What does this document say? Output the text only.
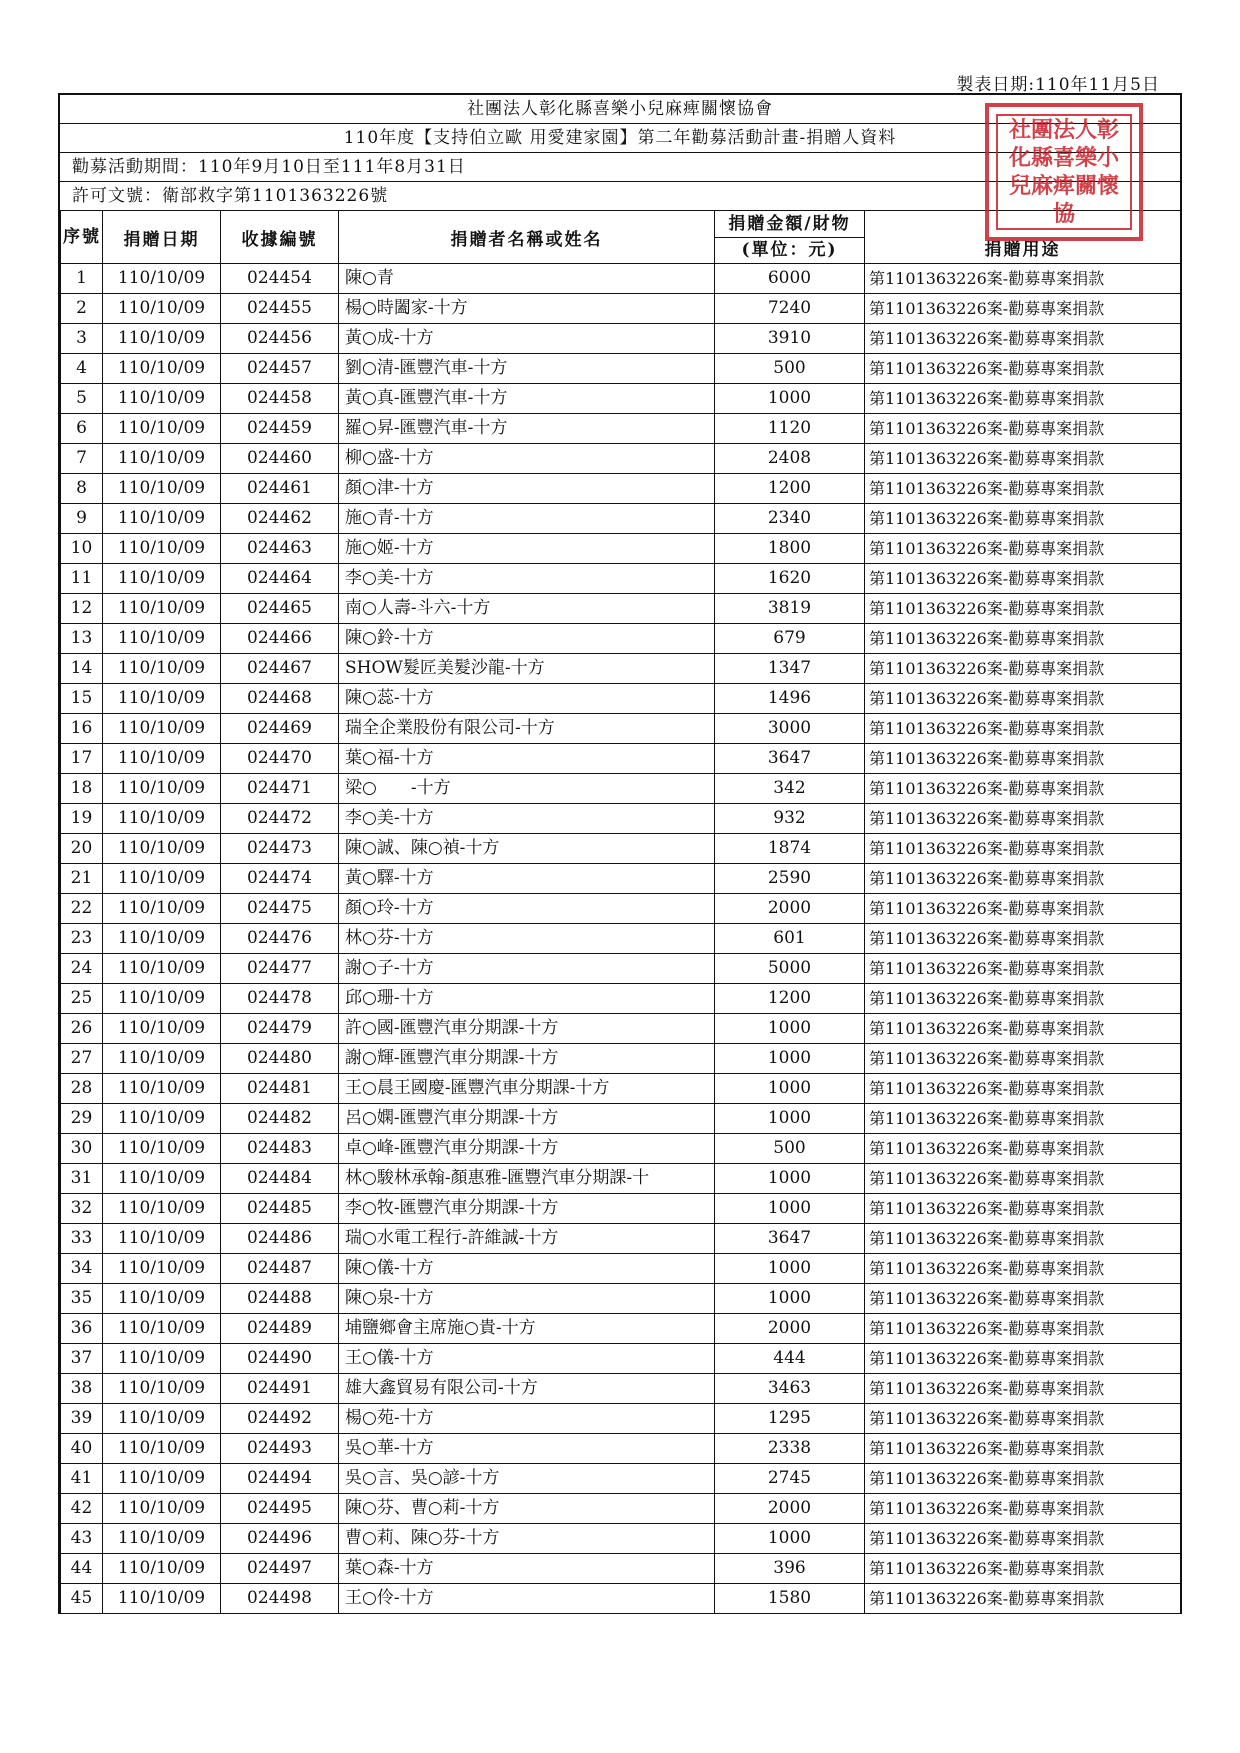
製表日期:110年11月5日
社團法人彰化縣喜樂小兒麻痺關懷協會
110年度【支持伯立歐 用愛建家園】第二年勸募活動計畫-捐贈人資料
勸募活動期間：110年9月10日至111年8月31日
許可文號：衛部救字第1101363226號
序號	捐贈日期	收據編號	捐贈者名稱或姓名	捐贈金額/財物	捐贈用途
				(單位：元)	
1	110/10/09	024454	陳○青	6000	第1101363226案-勸募專案捐款
2	110/10/09	024455	楊○時闔家-十方	7240	第1101363226案-勸募專案捐款
3	110/10/09	024456	黃○成-十方	3910	第1101363226案-勸募專案捐款
4	110/10/09	024457	劉○清-匯豐汽車-十方	500	第1101363226案-勸募專案捐款
5	110/10/09	024458	黃○真-匯豐汽車-十方	1000	第1101363226案-勸募專案捐款
6	110/10/09	024459	羅○昇-匯豐汽車-十方	1120	第1101363226案-勸募專案捐款
7	110/10/09	024460	柳○盛-十方	2408	第1101363226案-勸募專案捐款
8	110/10/09	024461	顏○津-十方	1200	第1101363226案-勸募專案捐款
9	110/10/09	024462	施○青-十方	2340	第1101363226案-勸募專案捐款
10	110/10/09	024463	施○姬-十方	1800	第1101363226案-勸募專案捐款
11	110/10/09	024464	李○美-十方	1620	第1101363226案-勸募專案捐款
12	110/10/09	024465	南○人壽-斗六-十方	3819	第1101363226案-勸募專案捐款
13	110/10/09	024466	陳○鈴-十方	679	第1101363226案-勸募專案捐款
14	110/10/09	024467	SHOW髮匠美髮沙龍-十方	1347	第1101363226案-勸募專案捐款
15	110/10/09	024468	陳○蕊-十方	1496	第1101363226案-勸募專案捐款
16	110/10/09	024469	瑞全企業股份有限公司-十方	3000	第1101363226案-勸募專案捐款
17	110/10/09	024470	葉○福-十方	3647	第1101363226案-勸募專案捐款
18	110/10/09	024471	梁○　　-十方	342	第1101363226案-勸募專案捐款
19	110/10/09	024472	李○美-十方	932	第1101363226案-勸募專案捐款
20	110/10/09	024473	陳○誠、陳○禎-十方	1874	第1101363226案-勸募專案捐款
21	110/10/09	024474	黃○驛-十方	2590	第1101363226案-勸募專案捐款
22	110/10/09	024475	顏○玲-十方	2000	第1101363226案-勸募專案捐款
23	110/10/09	024476	林○芬-十方	601	第1101363226案-勸募專案捐款
24	110/10/09	024477	謝○子-十方	5000	第1101363226案-勸募專案捐款
25	110/10/09	024478	邱○珊-十方	1200	第1101363226案-勸募專案捐款
26	110/10/09	024479	許○國-匯豐汽車分期課-十方	1000	第1101363226案-勸募專案捐款
27	110/10/09	024480	謝○輝-匯豐汽車分期課-十方	1000	第1101363226案-勸募專案捐款
28	110/10/09	024481	王○晨王國慶-匯豐汽車分期課-十方	1000	第1101363226案-勸募專案捐款
29	110/10/09	024482	呂○嫻-匯豐汽車分期課-十方	1000	第1101363226案-勸募專案捐款
30	110/10/09	024483	卓○峰-匯豐汽車分期課-十方	500	第1101363226案-勸募專案捐款
31	110/10/09	024484	林○駿林承翰-顏惠雅-匯豐汽車分期課-十	1000	第1101363226案-勸募專案捐款
32	110/10/09	024485	李○牧-匯豐汽車分期課-十方	1000	第1101363226案-勸募專案捐款
33	110/10/09	024486	瑞○水電工程行-許維誠-十方	3647	第1101363226案-勸募專案捐款
34	110/10/09	024487	陳○儀-十方	1000	第1101363226案-勸募專案捐款
35	110/10/09	024488	陳○泉-十方	1000	第1101363226案-勸募專案捐款
36	110/10/09	024489	埔鹽鄉會主席施○貴-十方	2000	第1101363226案-勸募專案捐款
37	110/10/09	024490	王○儀-十方	444	第1101363226案-勸募專案捐款
38	110/10/09	024491	雄大鑫貿易有限公司-十方	3463	第1101363226案-勸募專案捐款
39	110/10/09	024492	楊○苑-十方	1295	第1101363226案-勸募專案捐款
40	110/10/09	024493	吳○華-十方	2338	第1101363226案-勸募專案捐款
41	110/10/09	024494	吳○言、吳○諺-十方	2745	第1101363226案-勸募專案捐款
42	110/10/09	024495	陳○芬、曹○莉-十方	2000	第1101363226案-勸募專案捐款
43	110/10/09	024496	曹○莉、陳○芬-十方	1000	第1101363226案-勸募專案捐款
44	110/10/09	024497	葉○森-十方	396	第1101363226案-勸募專案捐款
45	110/10/09	024498	王○伶-十方	1580	第1101363226案-勸募專案捐款
社 團 法 人 彰
化 縣 喜 樂 小
兒 麻 痺 關 懷
協
